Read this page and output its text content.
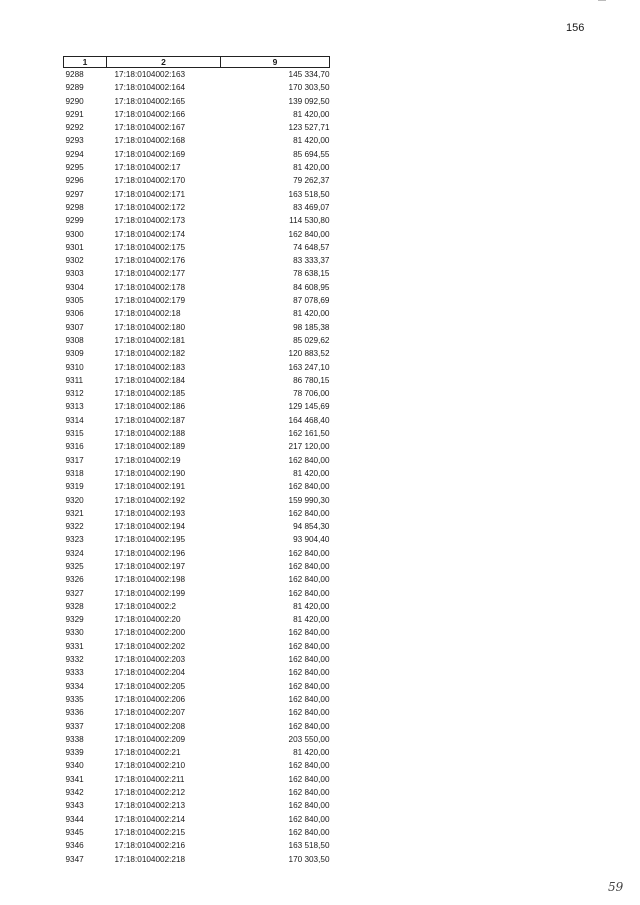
156
1	2	9
9288	17:18:0104002:163	145 334,70
9289	17:18:0104002:164	170 303,50
9290	17:18:0104002:165	139 092,50
9291	17:18:0104002:166	81 420,00
9292	17:18:0104002:167	123 527,71
9293	17:18:0104002:168	81 420,00
9294	17:18:0104002:169	85 694,55
9295	17:18:0104002:17	81 420,00
9296	17:18:0104002:170	79 262,37
9297	17:18:0104002:171	163 518,50
9298	17:18:0104002:172	83 469,07
9299	17:18:0104002:173	114 530,80
9300	17:18:0104002:174	162 840,00
9301	17:18:0104002:175	74 648,57
9302	17:18:0104002:176	83 333,37
9303	17:18:0104002:177	78 638,15
9304	17:18:0104002:178	84 608,95
9305	17:18:0104002:179	87 078,69
9306	17:18:0104002:18	81 420,00
9307	17:18:0104002:180	98 185,38
9308	17:18:0104002:181	85 029,62
9309	17:18:0104002:182	120 883,52
9310	17:18:0104002:183	163 247,10
9311	17:18:0104002:184	86 780,15
9312	17:18:0104002:185	78 706,00
9313	17:18:0104002:186	129 145,69
9314	17:18:0104002:187	164 468,40
9315	17:18:0104002:188	162 161,50
9316	17:18:0104002:189	217 120,00
9317	17:18:0104002:19	162 840,00
9318	17:18:0104002:190	81 420,00
9319	17:18:0104002:191	162 840,00
9320	17:18:0104002:192	159 990,30
9321	17:18:0104002:193	162 840,00
9322	17:18:0104002:194	94 854,30
9323	17:18:0104002:195	93 904,40
9324	17:18:0104002:196	162 840,00
9325	17:18:0104002:197	162 840,00
9326	17:18:0104002:198	162 840,00
9327	17:18:0104002:199	162 840,00
9328	17:18:0104002:2	81 420,00
9329	17:18:0104002:20	81 420,00
9330	17:18:0104002:200	162 840,00
9331	17:18:0104002:202	162 840,00
9332	17:18:0104002:203	162 840,00
9333	17:18:0104002:204	162 840,00
9334	17:18:0104002:205	162 840,00
9335	17:18:0104002:206	162 840,00
9336	17:18:0104002:207	162 840,00
9337	17:18:0104002:208	162 840,00
9338	17:18:0104002:209	203 550,00
9339	17:18:0104002:21	81 420,00
9340	17:18:0104002:210	162 840,00
9341	17:18:0104002:211	162 840,00
9342	17:18:0104002:212	162 840,00
9343	17:18:0104002:213	162 840,00
9344	17:18:0104002:214	162 840,00
9345	17:18:0104002:215	162 840,00
9346	17:18:0104002:216	163 518,50
9347	17:18:0104002:218	170 303,50
59
